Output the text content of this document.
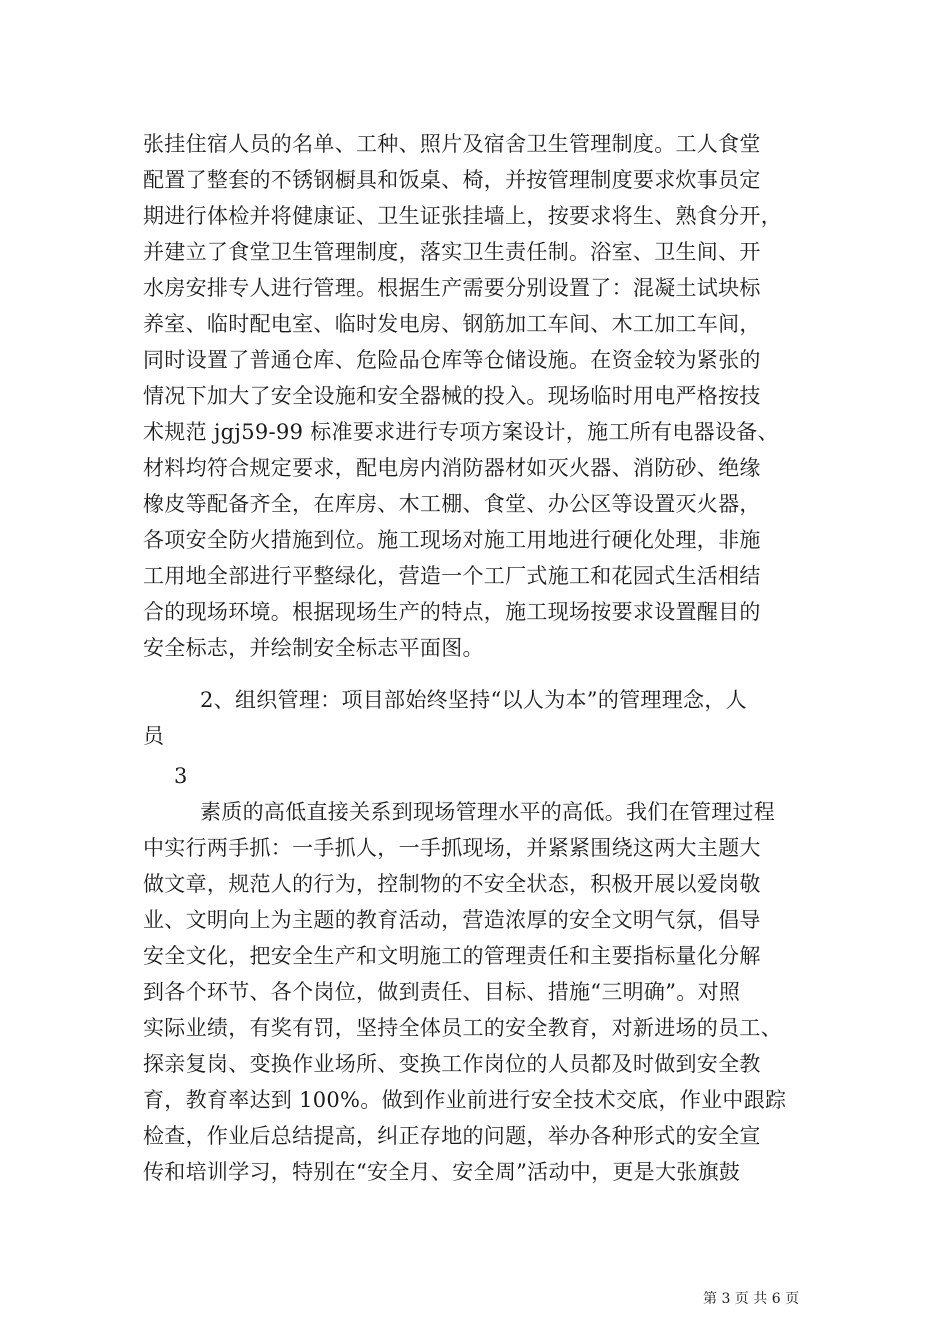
张挂住宿人员的名单、工种、照片及宿舍卫生管理制度。工人食堂
配置了整套的不锈钢橱具和饭桌、椅，并按管理制度要求炊事员定
期进行体检并将健康证、卫生证张挂墙上，按要求将生、熟食分开，
并建立了食堂卫生管理制度，落实卫生责任制。浴室、卫生间、开
水房安排专人进行管理。根据生产需要分别设置了：混凝土试块标
养室、临时配电室、临时发电房、钢筋加工车间、木工加工车间，
同时设置了普通仓库、危险品仓库等仓储设施。在资金较为紧张的
情况下加大了安全设施和安全器械的投入。现场临时用电严格按技
术规范 jgj59-99 标准要求进行专项方案设计，施工所有电器设备、
材料均符合规定要求，配电房内消防器材如灭火器、消防砂、绝缘
橡皮等配备齐全，在库房、木工棚、食堂、办公区等设置灭火器，
各项安全防火措施到位。施工现场对施工用地进行硬化处理，非施
工用地全部进行平整绿化，营造一个工厂式施工和花园式生活相结
合的现场环境。根据现场生产的特点，施工现场按要求设置醒目的
安全标志，并绘制安全标志平面图。
2、组织管理：项目部始终坚持“以人为本”的管理理念，人
员
3
素质的高低直接关系到现场管理水平的高低。我们在管理过程
中实行两手抓：一手抓人，一手抓现场，并紧紧围绕这两大主题大
做文章，规范人的行为，控制物的不安全状态，积极开展以爱岗敬
业、文明向上为主题的教育活动，营造浓厚的安全文明气氛，倡导
安全文化，把安全生产和文明施工的管理责任和主要指标量化分解
到各个环节、各个岗位，做到责任、目标、措施“三明确”。对照
实际业绩，有奖有罚，坚持全体员工的安全教育，对新进场的员工、
探亲复岗、变换作业场所、变换工作岗位的人员都及时做到安全教
育，教育率达到 100%。做到作业前进行安全技术交底，作业中跟踪
检查，作业后总结提高，纠正存地的问题，举办各种形式的安全宣
传和培训学习，特别在“安全月、安全周”活动中，更是大张旗鼓
第 3 页 共 6 页
